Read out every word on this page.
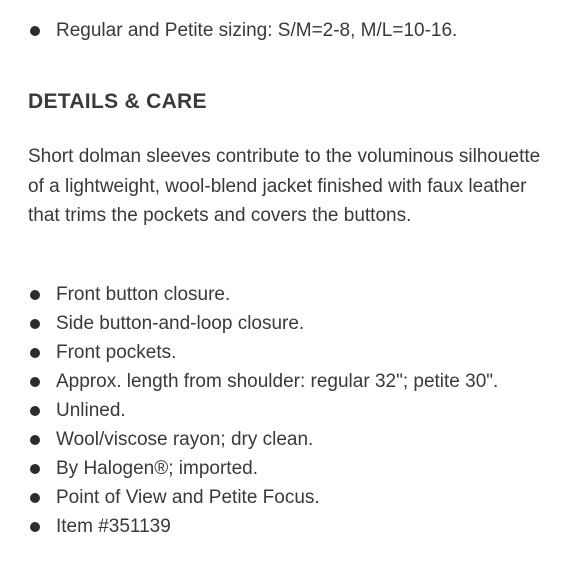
Regular and Petite sizing: S/M=2-8, M/L=10-16.
DETAILS & CARE

Short dolman sleeves contribute to the voluminous silhouette of a lightweight, wool-blend jacket finished with faux leather that trims the pockets and covers the buttons.

Front button closure.
Side button-and-loop closure.
Front pockets.
Approx. length from shoulder: regular 32"; petite 30".
Unlined.
Wool/viscose rayon; dry clean.
By Halogen®; imported.
Point of View and Petite Focus.
Item #351139
